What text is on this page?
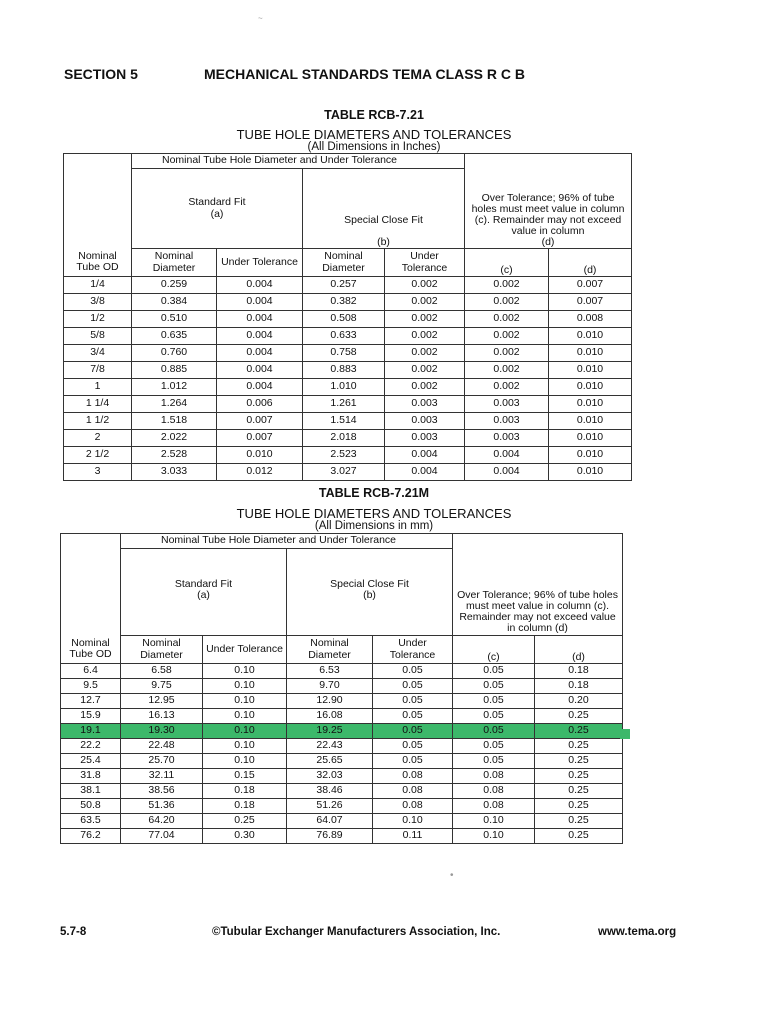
SECTION 5	MECHANICAL STANDARDS TEMA CLASS R C B
~
TABLE RCB-7.21
TUBE HOLE DIAMETERS AND TOLERANCES
(All Dimensions in Inches)
	Nominal Tube Hole Diameter and Under Tolerance				Over Tolerance; 96% of tube holes must meet value in column (c). Remainder may not exceed value in column
(d)	
	Standard Fit
(a)		Special Close Fit

(b)			
Nominal Tube OD	Nominal Diameter	Under Tolerance	Nominal Diameter	Under Tolerance	(c)	(d)
1/4	0.259	0.004	0.257	0.002	0.002	0.007
3/8	0.384	0.004	0.382	0.002	0.002	0.007
1/2	0.510	0.004	0.508	0.002	0.002	0.008
5/8	0.635	0.004	0.633	0.002	0.002	0.010
3/4	0.760	0.004	0.758	0.002	0.002	0.010
7/8	0.885	0.004	0.883	0.002	0.002	0.010
1	1.012	0.004	1.010	0.002	0.002	0.010
1 1/4	1.264	0.006	1.261	0.003	0.003	0.010
1 1/2	1.518	0.007	1.514	0.003	0.003	0.010
2	2.022	0.007	2.018	0.003	0.003	0.010
2 1/2	2.528	0.010	2.523	0.004	0.004	0.010
3	3.033	0.012	3.027	0.004	0.004	0.010
TABLE RCB-7.21M
TUBE HOLE DIAMETERS AND TOLERANCES
(All Dimensions in mm)
	Nominal Tube Hole Diameter and Under Tolerance				Over Tolerance; 96% of tube holes must meet value in column (c). Remainder may not exceed value in column (d)	
	Standard Fit
(a)		Special Close Fit
(b)			
Nominal Tube OD	Nominal Diameter	Under Tolerance	Nominal Diameter	Under Tolerance	(c)	(d)
6.4	6.58	0.10	6.53	0.05	0.05	0.18
9.5	9.75	0.10	9.70	0.05	0.05	0.18
12.7	12.95	0.10	12.90	0.05	0.05	0.20
15.9	16.13	0.10	16.08	0.05	0.05	0.25
19.1	19.30	0.10	19.25	0.05	0.05	0.25
22.2	22.48	0.10	22.43	0.05	0.05	0.25
25.4	25.70	0.10	25.65	0.05	0.05	0.25
31.8	32.11	0.15	32.03	0.08	0.08	0.25
38.1	38.56	0.18	38.46	0.08	0.08	0.25
50.8	51.36	0.18	51.26	0.08	0.08	0.25
63.5	64.20	0.25	64.07	0.10	0.10	0.25
76.2	77.04	0.30	76.89	0.11	0.10	0.25
•
5.7-8	©Tubular Exchanger Manufacturers Association, Inc.	www.tema.org
